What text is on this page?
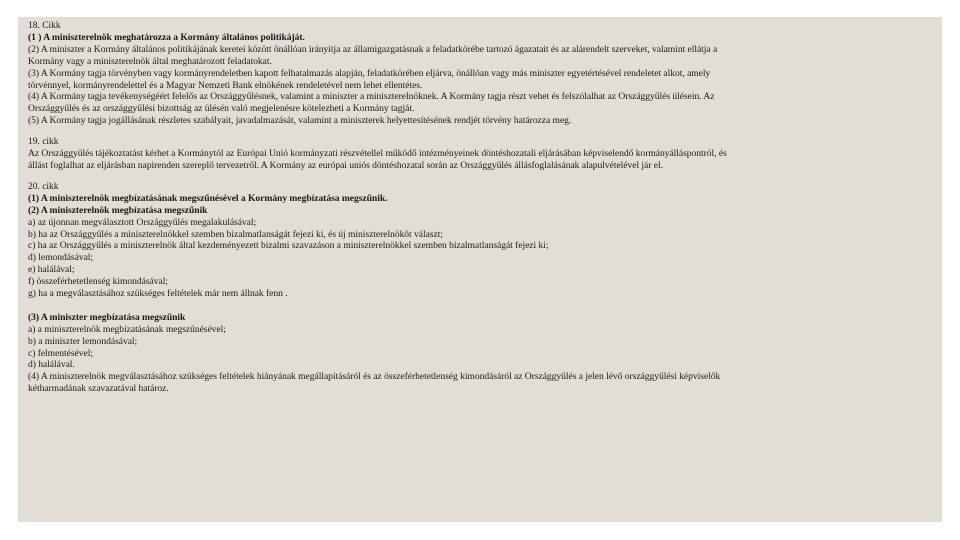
18. Cikk
(1 ) A miniszterelnök meghatározza a Kormány általános politikáját.
(2) A miniszter a Kormány általános politikájának keretei között önállóan irányítja az államigazgatásnak a feladatkörébe tartozó ágazatait és az alárendelt szerveket, valamint ellátja a
Kormány vagy a miniszterelnök által meghatározott feladatokat.
(3) A Kormány tagja törvényben vagy kormányrendeletben kapott felhatalmazás alapján, feladatkörében eljárva, önállóan vagy más miniszter egyetértésével rendeletet alkot, amely
törvénnyel, kormányrendelettel és a Magyar Nemzeti Bank elnökének rendeletével nem lehet ellentétes.
(4) A Kormány tagja tevékenységéért felelős az Országgyűlésnek, valamint a miniszter a miniszterelnöknek. A Kormány tagja részt vehet és felszólalhat az Országgyűlés ülésein. Az
Országgyűlés és az országgyűlési bizottság az ülésén való megjelenésre kötelezheti a Kormány tagját.
(5) A Kormány tagja jogállásának részletes szabályait, javadalmazását, valamint a miniszterek helyettesítésének rendjét törvény határozza meg.
19. cikk
Az Országgyűlés tájékoztatást kérhet a Kormánytól az Európai Unió kormányzati részvétellel működő intézményeinek döntéshozatali eljárásában képviselendő kormányálláspontról, és
állást foglalhat az eljárásban napirenden szereplő tervezetről. A Kormány az európai uniós döntéshozatal során az Országgyűlés állásfoglalásának alapulvételével jár el.
20. cikk
(1) A miniszterelnök megbízatásának megszűnésével a Kormány megbízatása megszűnik.
(2) A miniszterelnök megbízatása megszűnik
a) az újonnan megválasztott Országgyűlés megalakulásával;
b) ha az Országgyűlés a miniszterelnökkel szemben bizalmatlanságát fejezi ki, és új miniszterelnököt választ;
c) ha az Országgyűlés a miniszterelnök által kezdeményezett bizalmi szavazáson a miniszterelnökkel szemben bizalmatlanságát fejezi ki;
d) lemondásával;
e) halálával;
f) összeférhetetlenség kimondásával;
g) ha a megválasztásához szükséges feltételek már nem állnak fenn .
(3) A miniszter megbízatása megszűnik
a) a miniszterelnök megbízatásának megszűnésével;
b) a miniszter lemondásával;
c) felmentésével;
d) halálával.
(4) A miniszterelnök megválasztásához szükséges feltételek hiányának megállapításáról és az összeférhetetlenség kimondásáról az Országgyűlés a jelen lévő országgyűlési képviselők
kétharmadának szavazatával határoz.
